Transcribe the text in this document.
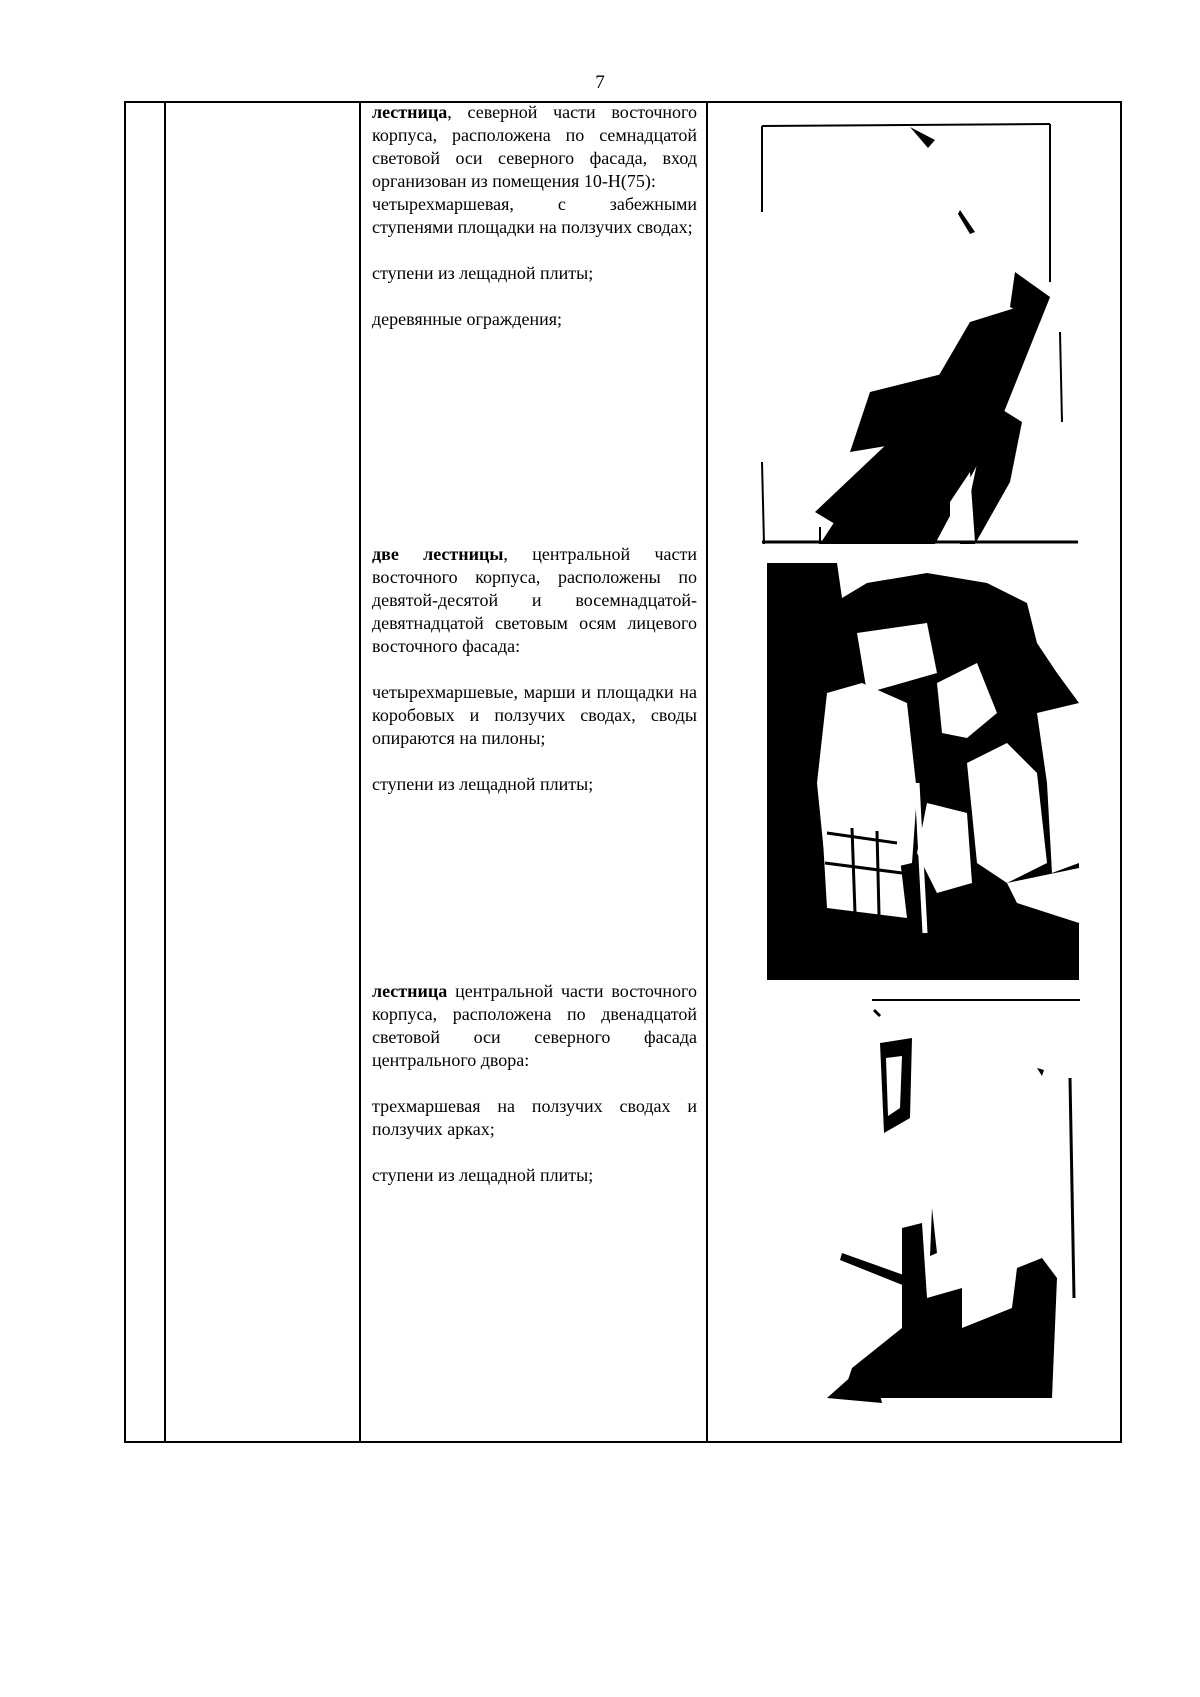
7

лестница, северной части восточного корпуса, расположена по семнадцатой световой оси северного фасада, вход организован из помещения 10-Н(75):

четырехмаршевая, с забежными ступенями площадки на ползучих сводах;

ступени из лещадной плиты;

деревянные ограждения;

две лестницы, центральной части восточного корпуса, расположены по девятой-десятой и восемнадцатой-девятнадцатой световым осям лицевого восточного фасада:

четырехмаршевые, марши и площадки на коробовых и ползучих сводах, своды опираются на пилоны;

ступени из лещадной плиты;

лестница центральной части восточного корпуса, расположена по двенадцатой световой оси северного фасада центрального двора:

трехмаршевая на ползучих сводах и ползучих арках;

ступени из лещадной плиты;
